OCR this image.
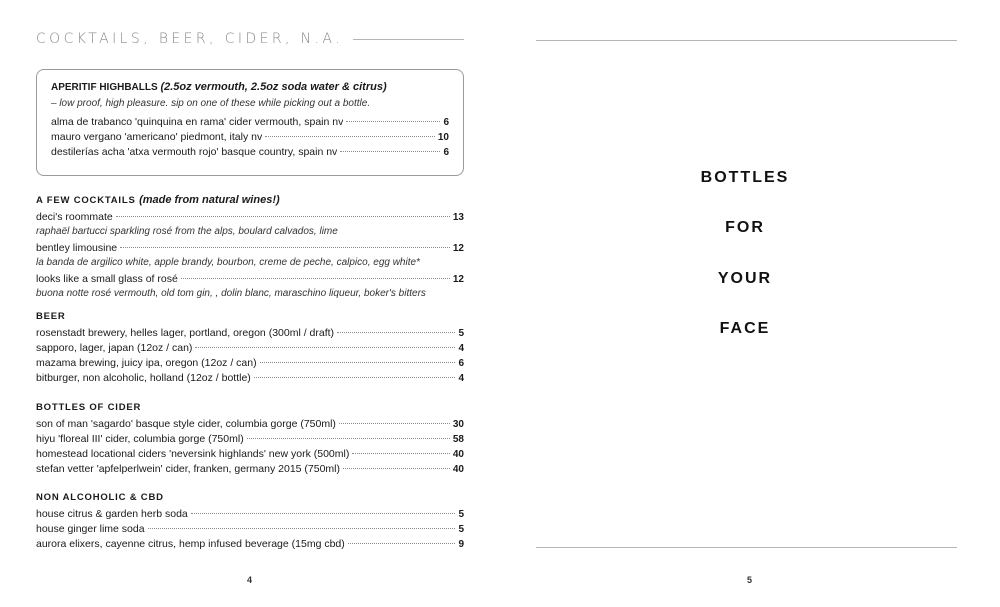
COCKTAILS, BEER, CIDER, N.A.
APERITIF HIGHBALLS (2.5oz vermouth, 2.5oz soda water & citrus)
– low proof, high pleasure. sip on one of these while picking out a bottle.
alma de trabanco 'quinquina en rama' cider vermouth, spain nv	6
mauro vergano 'americano' piedmont, italy nv	10
destilerías acha 'atxa vermouth rojo' basque country, spain nv	6
A FEW COCKTAILS (made from natural wines!)
deci's roommate	13
raphaël bartucci sparkling rosé from the alps, boulard calvados, lime
bentley limousine	12
la banda de argilico white, apple brandy, bourbon, creme de peche, calpico, egg white*
looks like a small glass of rosé	12
buona notte rosé vermouth, old tom gin, , dolin blanc, maraschino liqueur, boker's bitters
BEER
rosenstadt brewery, helles lager, portland, oregon (300ml / draft)	5
sapporo, lager, japan (12oz / can)	4
mazama brewing, juicy ipa, oregon (12oz / can)	6
bitburger, non alcoholic, holland (12oz / bottle)	4
BOTTLES OF CIDER
son of man 'sagardo' basque style cider, columbia gorge (750ml)	30
hiyu 'floreal III' cider, columbia gorge (750ml)	58
homestead locational ciders 'neversink highlands' new york (500ml)	40
stefan vetter 'apfelperlwein' cider, franken, germany 2015 (750ml)	40
NON ALCOHOLIC & CBD
house citrus & garden herb soda	5
house ginger lime soda	5
aurora elixers, cayenne citrus, hemp infused beverage (15mg cbd)	9
4
BOTTLES
FOR
YOUR
FACE
5
